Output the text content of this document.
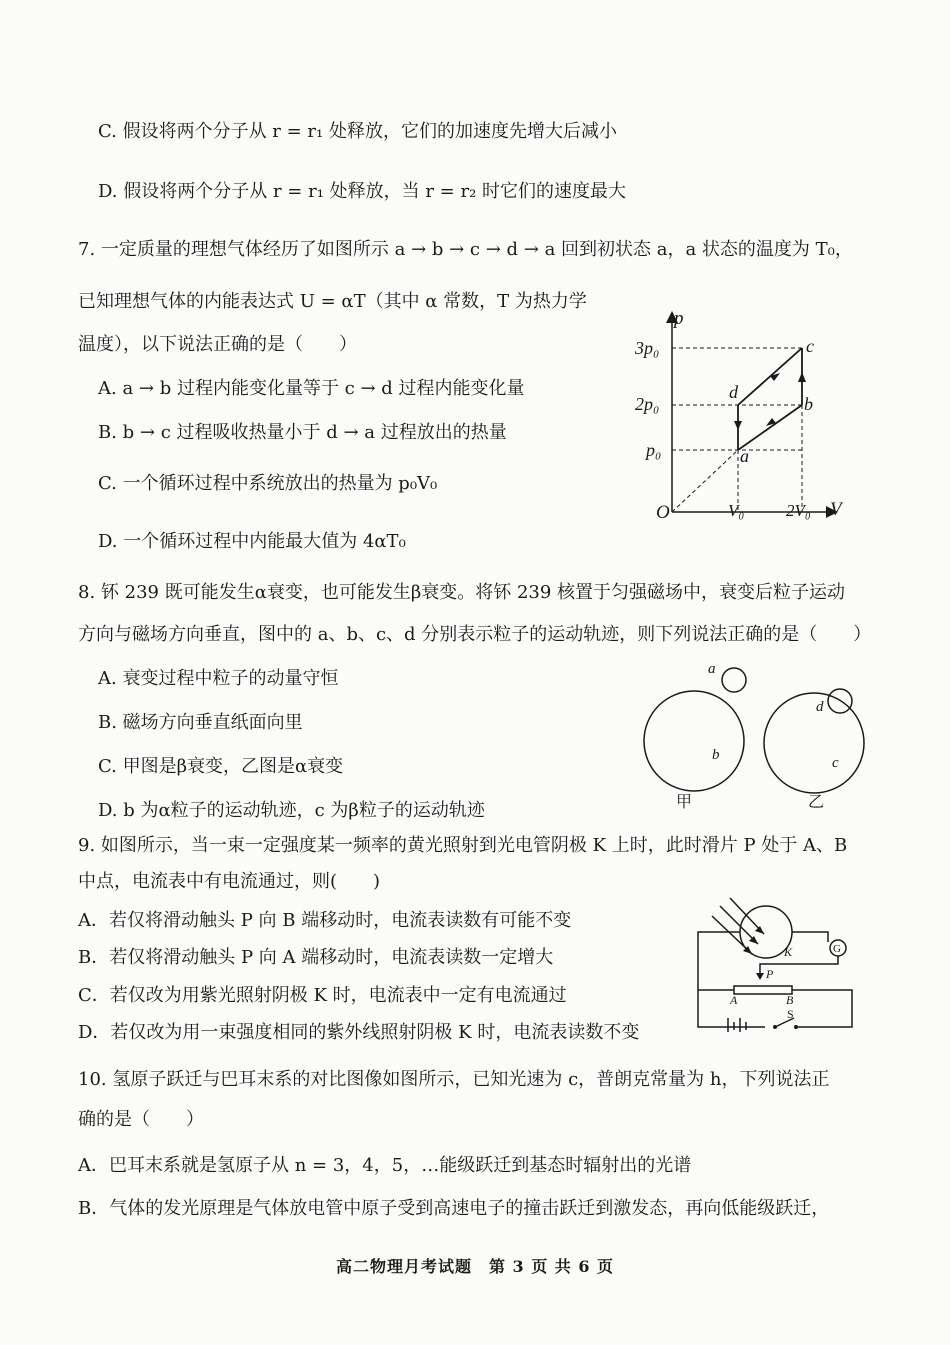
C. 假设将两个分子从 r = r₁ 处释放，它们的加速度先增大后减小
D. 假设将两个分子从 r = r₁ 处释放，当 r = r₂ 时它们的速度最大
7. 一定质量的理想气体经历了如图所示 a → b → c → d → a 回到初状态 a，a 状态的温度为 T₀，
已知理想气体的内能表达式 U = αT（其中 α 常数，T 为热力学
温度），以下说法正确的是（　　）
A. a → b 过程内能变化量等于 c → d 过程内能变化量
B. b → c 过程吸收热量小于 d → a 过程放出的热量
C. 一个循环过程中系统放出的热量为 p₀V₀
D. 一个循环过程中内能最大值为 4αT₀
p
V
O
3p₀
2p₀
p₀
V₀ 2V₀
a
b
c
d
8. 钚 239 既可能发生α衰变，也可能发生β衰变。将钚 239 核置于匀强磁场中，衰变后粒子运动
方向与磁场方向垂直，图中的 a、b、c、d 分别表示粒子的运动轨迹，则下列说法正确的是（　　）
A. 衰变过程中粒子的动量守恒
B. 磁场方向垂直纸面向里
C. 甲图是β衰变，乙图是α衰变
D. b 为α粒子的运动轨迹，c 为β粒子的运动轨迹
a
b
d
c
甲	乙
9. 如图所示，当一束一定强度某一频率的黄光照射到光电管阴极 K 上时，此时滑片 P 处于 A、B
中点，电流表中有电流通过，则(　　)
A．若仅将滑动触头 P 向 B 端移动时，电流表读数有可能不变
B．若仅将滑动触头 P 向 A 端移动时，电流表读数一定增大
C．若仅改为用紫光照射阴极 K 时，电流表中一定有电流通过
D．若仅改为用一束强度相同的紫外线照射阴极 K 时，电流表读数不变
K	G
P
A	B
S
10. 氢原子跃迁与巴耳末系的对比图像如图所示，已知光速为 c，普朗克常量为 h，下列说法正
确的是（　　）
A．巴耳末系就是氢原子从 n = 3，4，5，…能级跃迁到基态时辐射出的光谱
B．气体的发光原理是气体放电管中原子受到高速电子的撞击跃迁到激发态，再向低能级跃迁，
高二物理月考试题　第 3 页 共 6 页
